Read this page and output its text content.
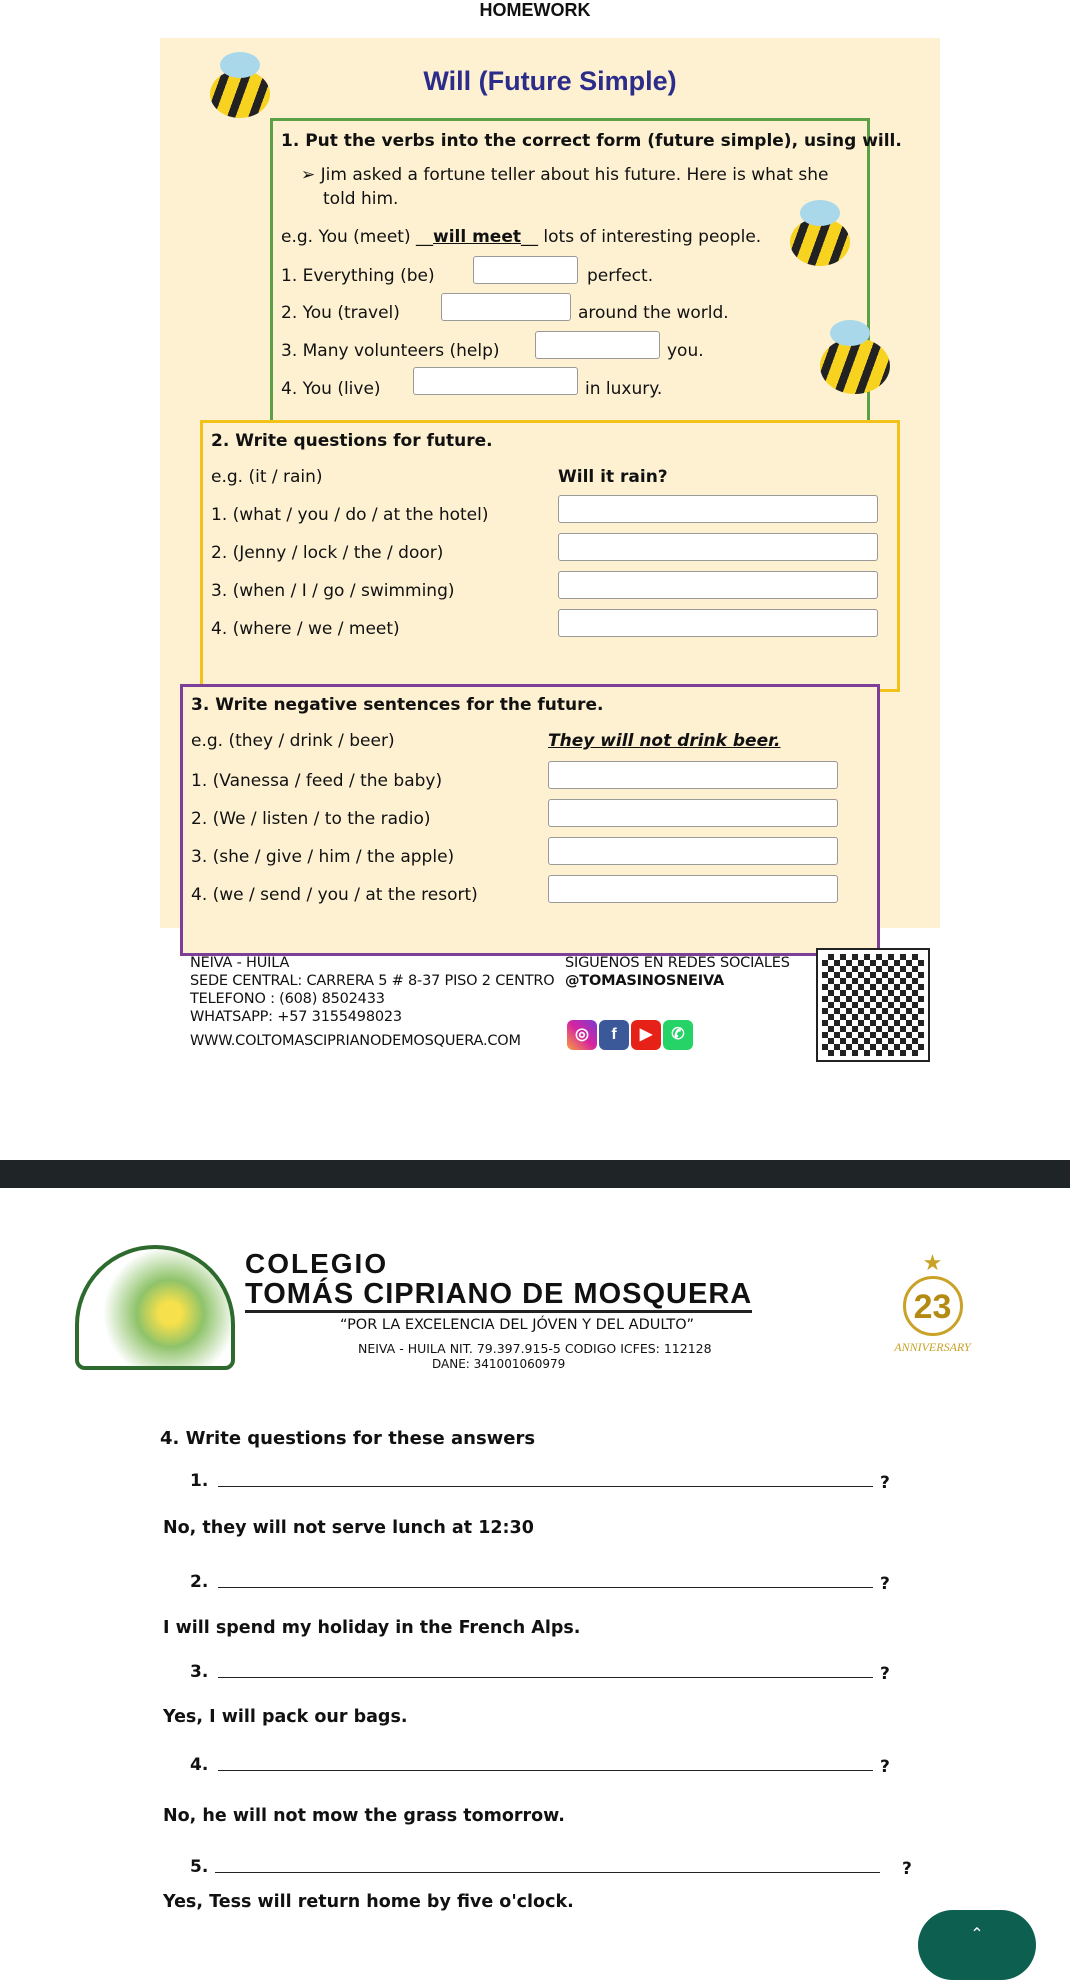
HOMEWORK
Will (Future Simple)
1. Put the verbs into the correct form (future simple), using will.
➢ Jim asked a fortune teller about his future. Here is what she
told him.
e.g. You (meet) __will meet__ lots of interesting people.
1. Everything (be)	perfect.
2. You (travel)	around the world.
3. Many volunteers (help)	you.
4. You (live)	in luxury.
2. Write questions for future.
e.g. (it / rain)	Will it rain?
1. (what / you / do / at the hotel)
2. (Jenny / lock / the / door)
3. (when / I / go / swimming)
4. (where / we / meet)
3. Write negative sentences for the future.
e.g. (they / drink / beer)	They will not drink beer.
1. (Vanessa / feed / the baby)
2. (We / listen / to the radio)
3. (she / give / him / the apple)
4. (we / send / you / at the resort)
NEIVA - HUILA
SEDE CENTRAL: CARRERA 5 # 8-37 PISO 2 CENTRO
TELEFONO : (608) 8502433
WHATSAPP: +57 3155498023
WWW.COLTOMASCIPRIANODEMOSQUERA.COM
SIGUENOS EN REDES SOCIALES
@TOMASINOSNEIVA
◎ f ▶ ✆
COLEGIO
TOMÁS CIPRIANO DE MOSQUERA
“POR LA EXCELENCIA DEL JÓVEN Y DEL ADULTO”
NEIVA - HUILA NIT. 79.397.915-5 CODIGO ICFES: 112128
DANE: 341001060979
★
23
ANNIVERSARY
4. Write questions for these answers
1.	?
No, they will not serve lunch at 12:30
2.	?
I will spend my holiday in the French Alps.
3.	?
Yes, I will pack our bags.
4.	?
No, he will not mow the grass tomorrow.
5.	?
Yes, Tess will return home by five o'clock.
⌃
